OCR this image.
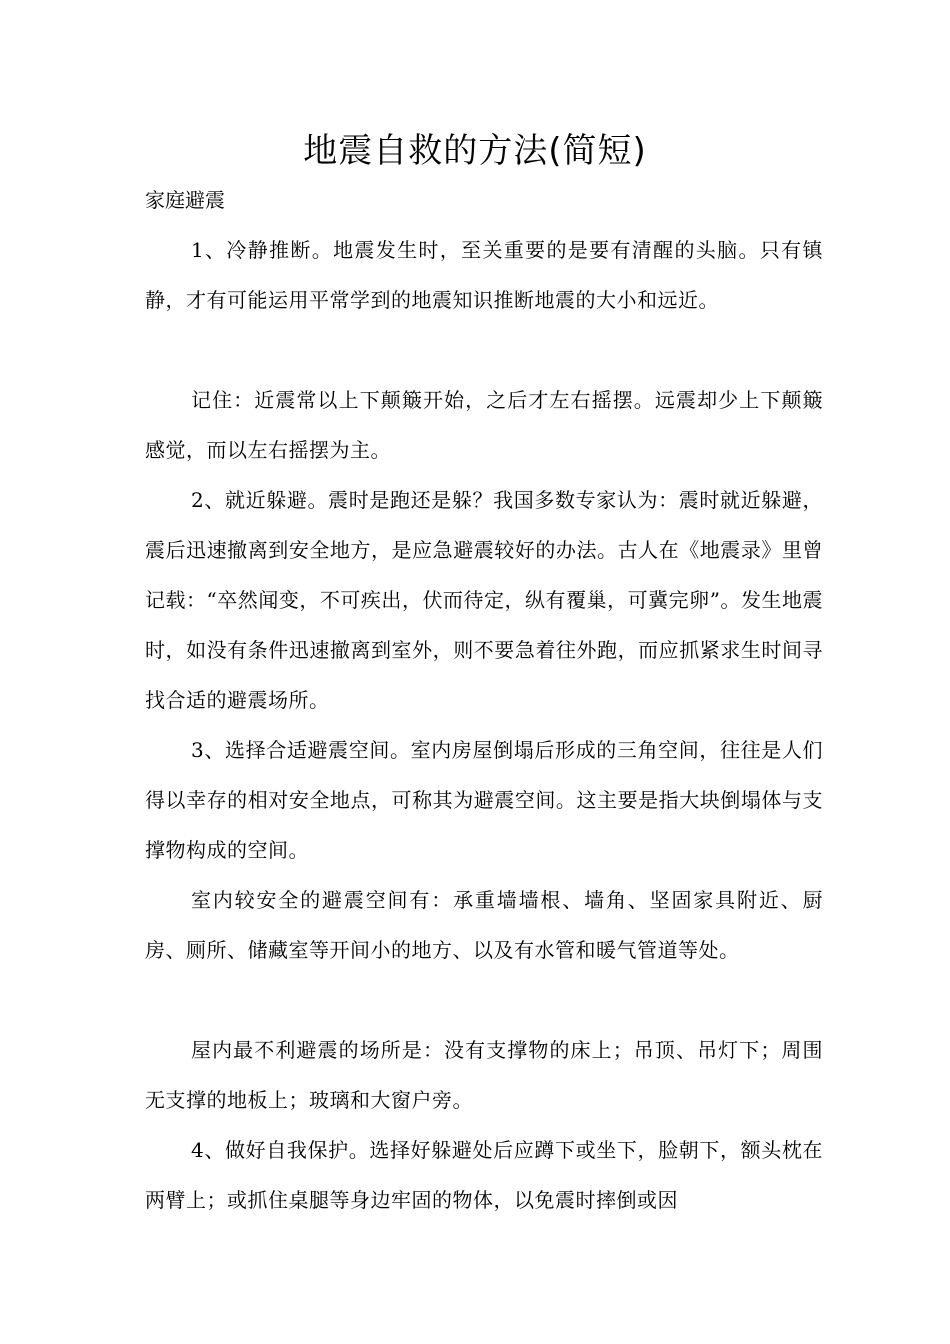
地震自救的方法(简短)

家庭避震

1、冷静推断。地震发生时，至关重要的是要有清醒的头脑。只有镇静，才有可能运用平常学到的地震知识推断地震的大小和远近。

记住：近震常以上下颠簸开始，之后才左右摇摆。远震却少上下颠簸感觉，而以左右摇摆为主。

2、就近躲避。震时是跑还是躲？我国多数专家认为：震时就近躲避，震后迅速撤离到安全地方，是应急避震较好的办法。古人在《地震录》里曾记载：“卒然闻变，不可疾出，伏而待定，纵有覆巢，可冀完卵”。发生地震时，如没有条件迅速撤离到室外，则不要急着往外跑，而应抓紧求生时间寻找合适的避震场所。

3、选择合适避震空间。室内房屋倒塌后形成的三角空间，往往是人们得以幸存的相对安全地点，可称其为避震空间。这主要是指大块倒塌体与支撑物构成的空间。

室内较安全的避震空间有：承重墙墙根、墙角、坚固家具附近、厨房、厕所、储藏室等开间小的地方、以及有水管和暖气管道等处。

屋内最不利避震的场所是：没有支撑物的床上；吊顶、吊灯下；周围无支撑的地板上；玻璃和大窗户旁。

4、做好自我保护。选择好躲避处后应蹲下或坐下，脸朝下，额头枕在两臂上；或抓住桌腿等身边牢固的物体，以免震时摔倒或因
